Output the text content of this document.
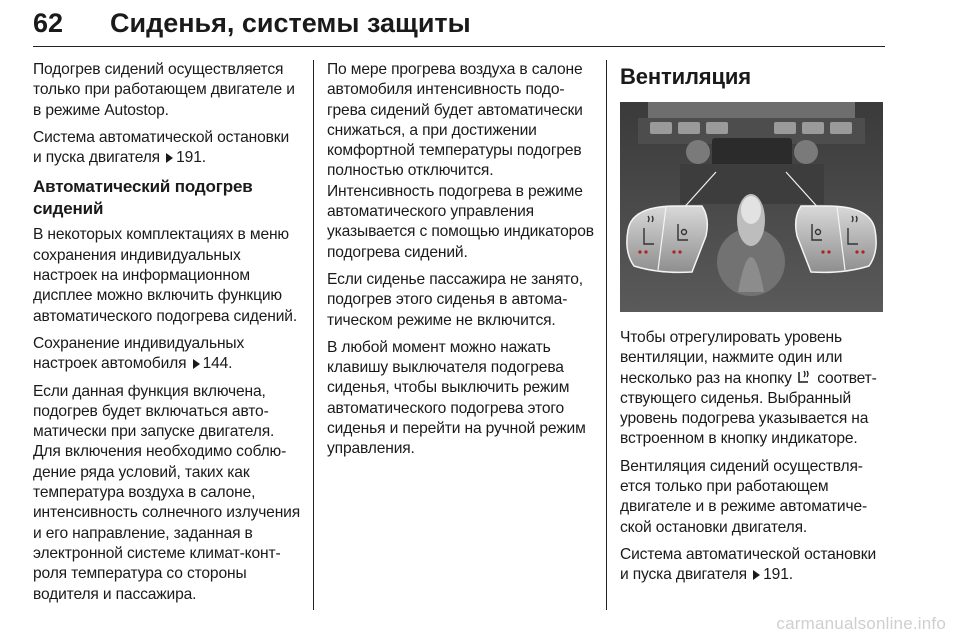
62 Сиденья, системы защиты

Подогрев сидений осуществляется только при работающем двигателе и в режиме Autostop.

Система автоматической остановки и пуска двигателя 191.

Автоматический подогрев сидений

В некоторых комплектациях в меню сохранения индивидуальных настроек на информационном дисплее можно включить функцию автоматического подогрева сидений.

Сохранение индивидуальных настроек автомобиля 144.

Если данная функция включена, подогрев будет включаться автоматически при запуске двигателя. Для включения необходимо соблюдение ряда условий, таких как температура воздуха в салоне, интенсивность солнечного излучения и его направление, заданная в электронной системе климат-контроля температура со стороны водителя и пассажира.

По мере прогрева воздуха в салоне автомобиля интенсивность подогрева сидений будет автоматически снижаться, а при достижении комфортной температуры подогрев полностью отключится. Интенсивность подогрева в режиме автоматического управления указывается с помощью индикаторов подогрева сидений.

Если сиденье пассажира не занято, подогрев этого сиденья в автоматическом режиме не включится.

В любой момент можно нажать клавишу выключателя подогрева сиденья, чтобы выключить режим автоматического подогрева этого сиденья и перейти на ручной режим управления.

Вентиляция

Чтобы отрегулировать уровень вентиляции, нажмите один или несколько раз на кнопку соответствующего сиденья. Выбранный уровень подогрева указывается на встроенном в кнопку индикаторе.

Вентиляция сидений осуществляется только при работающем двигателе и в режиме автоматической остановки двигателя.

Система автоматической остановки и пуска двигателя 191.

carmanualsonline.info
